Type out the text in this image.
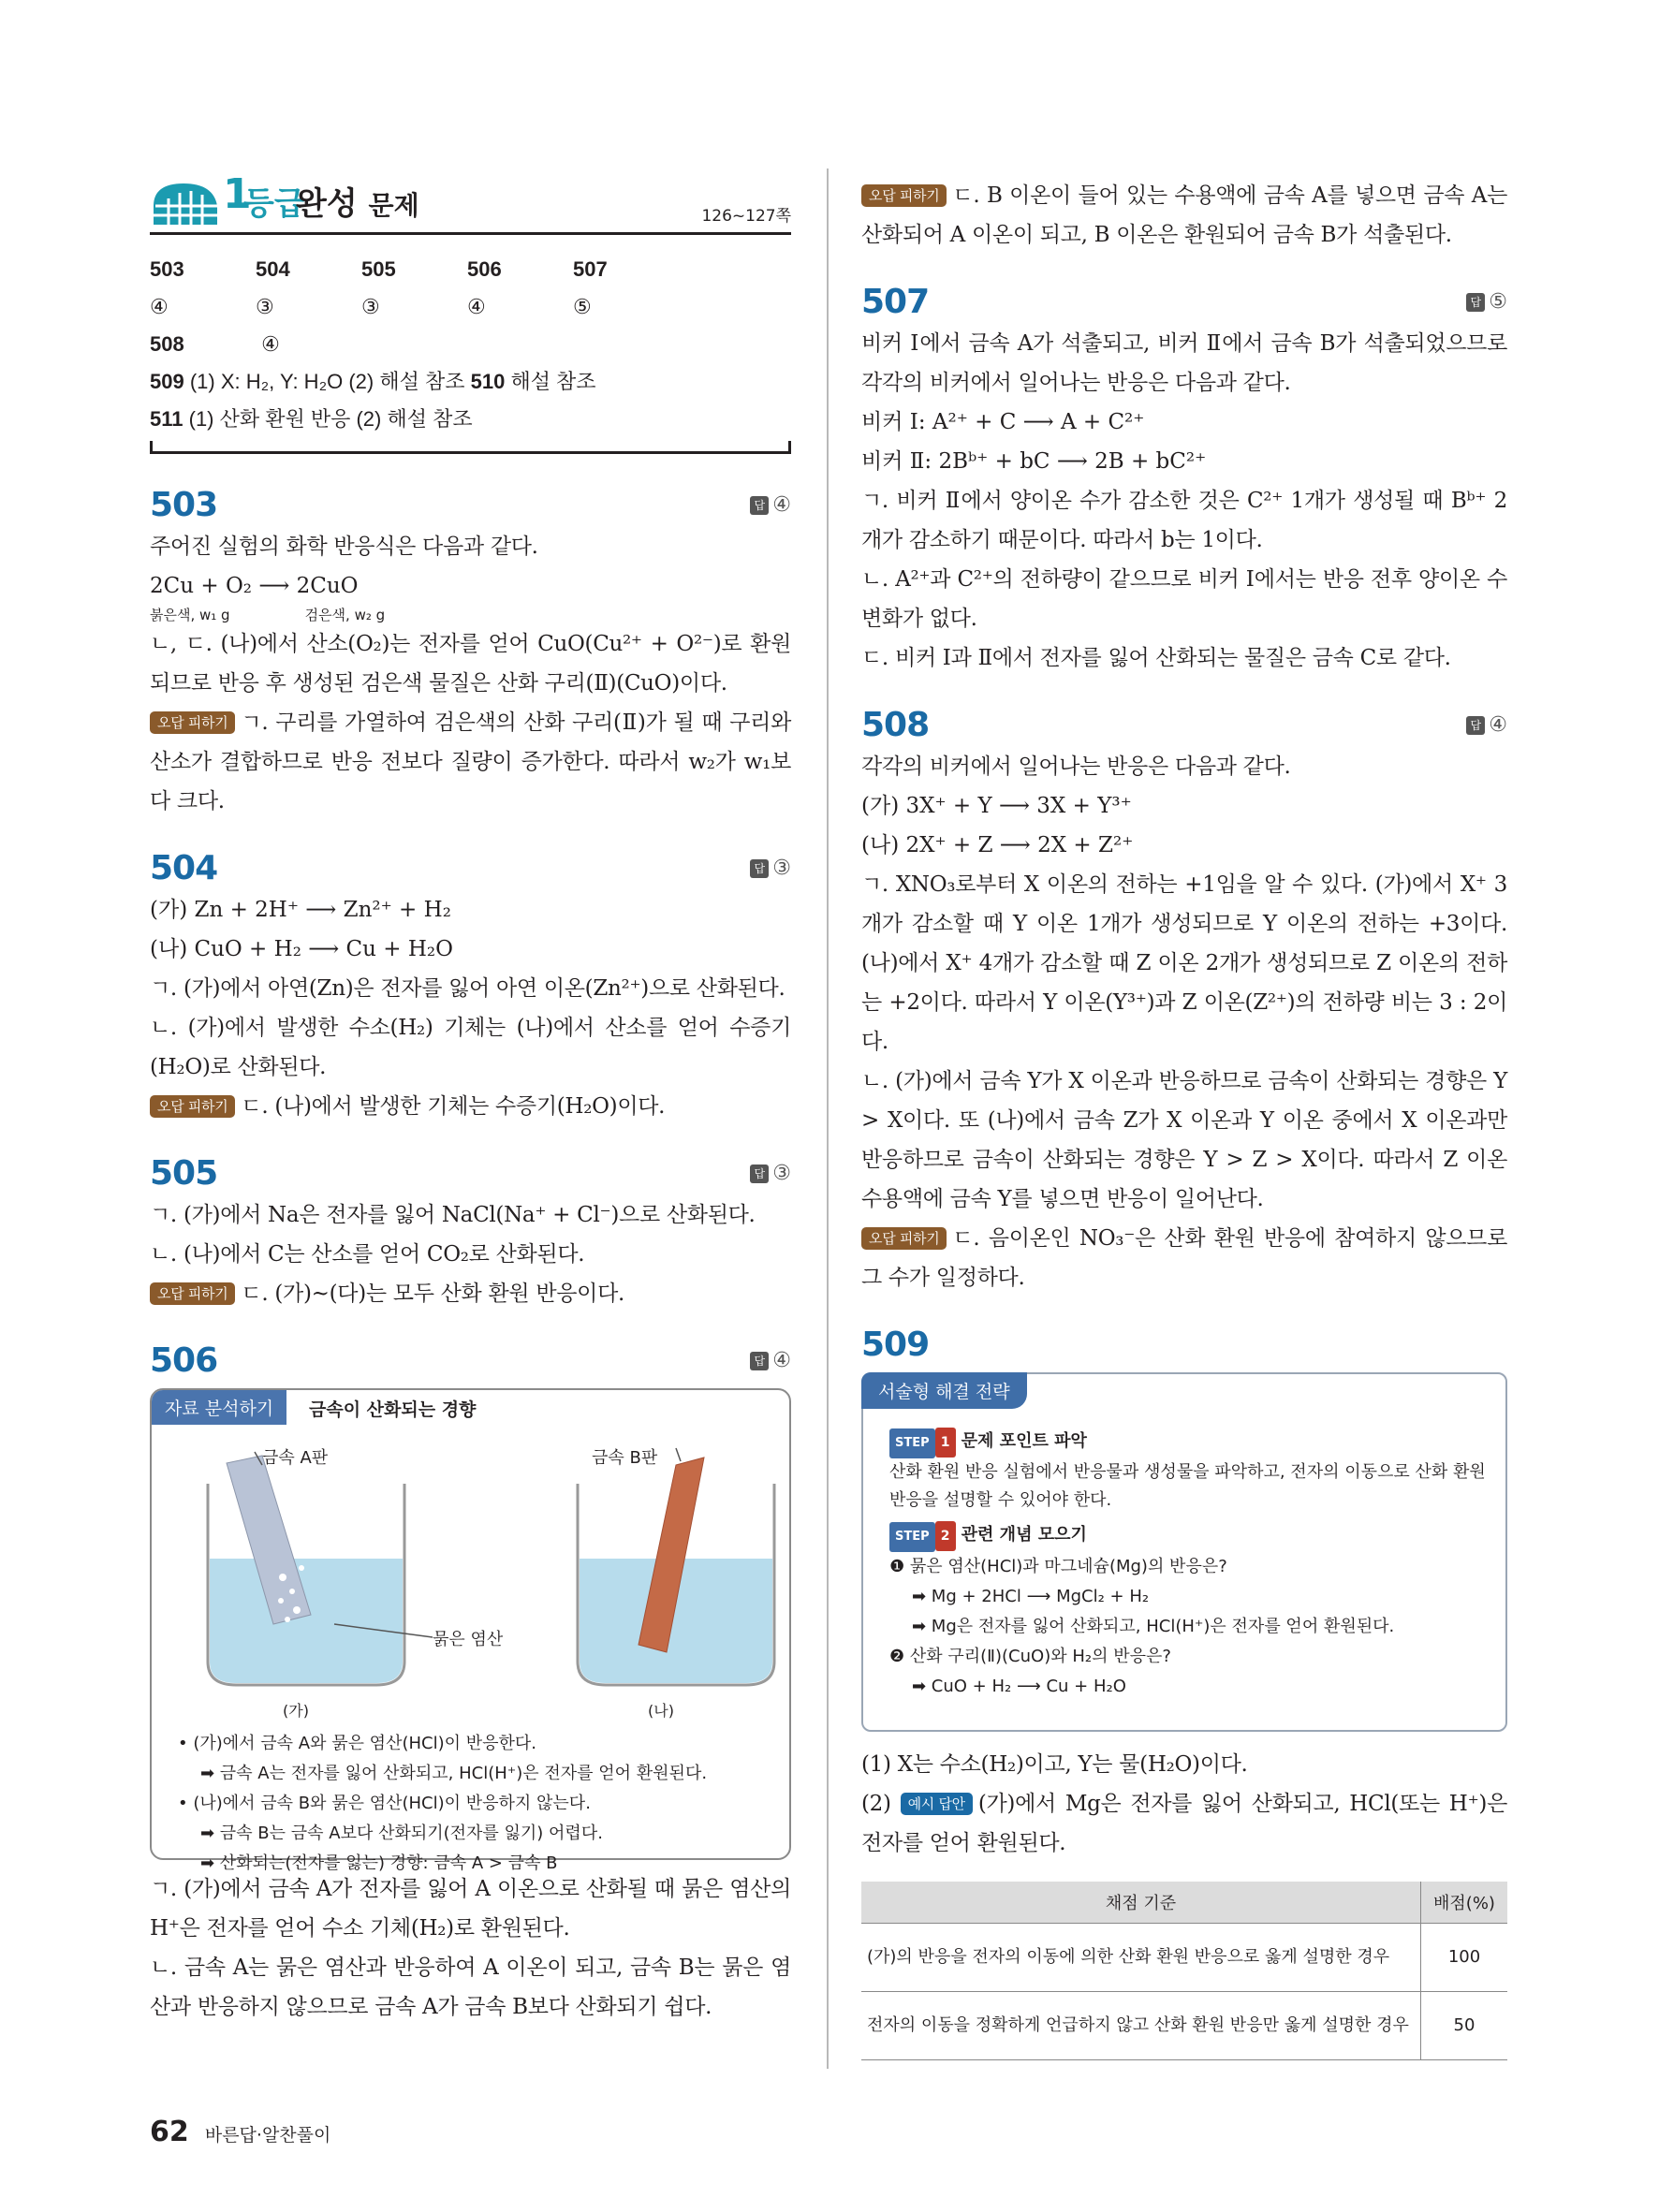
1
등급
완성 문제	126~127쪽
503 ④504 ③505 ③506 ④507 ⑤508	④
509 (1) X: H₂, Y: H₂O (2) 해설 참조 510 해설 참조
511 (1) 산화 환원 반응 (2) 해설 참조
503	답 ④

주어진 실험의 화학 반응식은 다음과 같다.

2Cu + O₂ ⟶ 2CuO

붉은색, w₁ g	검은색, w₂ g

ㄴ, ㄷ. (나)에서 산소(O₂)는 전자를 얻어 CuO(Cu²⁺ + O²⁻)로 환원되므로 반응 후 생성된 검은색 물질은 산화 구리(Ⅱ)(CuO)이다.

오답 피하기 ㄱ. 구리를 가열하여 검은색의 산화 구리(Ⅱ)가 될 때 구리와 산소가 결합하므로 반응 전보다 질량이 증가한다. 따라서 w₂가 w₁보다 크다.

504	답 ③

(가) Zn + 2H⁺ ⟶ Zn²⁺ + H₂

(나) CuO + H₂ ⟶ Cu + H₂O

ㄱ. (가)에서 아연(Zn)은 전자를 잃어 아연 이온(Zn²⁺)으로 산화된다.

ㄴ. (가)에서 발생한 수소(H₂) 기체는 (나)에서 산소를 얻어 수증기(H₂O)로 산화된다.

오답 피하기 ㄷ. (나)에서 발생한 기체는 수증기(H₂O)이다.

505	답 ③

ㄱ. (가)에서 Na은 전자를 잃어 NaCl(Na⁺ + Cl⁻)으로 산화된다.

ㄴ. (나)에서 C는 산소를 얻어 CO₂로 산화된다.

오답 피하기 ㄷ. (가)~(다)는 모두 산화 환원 반응이다.

506	답 ④
자료 분석하기	금속이 산화되는 경향
금속 A판	금속 B판
묽은 염산
(가)	(나)
• (가)에서 금속 A와 묽은 염산(HCl)이 반응한다.
➡ 금속 A는 전자를 잃어 산화되고, HCl(H⁺)은 전자를 얻어 환원된다.
• (나)에서 금속 B와 묽은 염산(HCl)이 반응하지 않는다.
➡ 금속 B는 금속 A보다 산화되기(전자를 잃기) 어렵다.
➡ 산화되는(전자를 잃는) 경향: 금속 A > 금속 B

ㄱ. (가)에서 금속 A가 전자를 잃어 A 이온으로 산화될 때 묽은 염산의 H⁺은 전자를 얻어 수소 기체(H₂)로 환원된다.

ㄴ. 금속 A는 묽은 염산과 반응하여 A 이온이 되고, 금속 B는 묽은 염산과 반응하지 않으므로 금속 A가 금속 B보다 산화되기 쉽다.

오답 피하기 ㄷ. B 이온이 들어 있는 수용액에 금속 A를 넣으면 금속 A는 산화되어 A 이온이 되고, B 이온은 환원되어 금속 B가 석출된다.

507	답 ⑤

비커 Ⅰ에서 금속 A가 석출되고, 비커 Ⅱ에서 금속 B가 석출되었으므로 각각의 비커에서 일어나는 반응은 다음과 같다.

비커 Ⅰ: A²⁺ + C ⟶ A + C²⁺

비커 Ⅱ: 2Bᵇ⁺ + bC ⟶ 2B + bC²⁺

ㄱ. 비커 Ⅱ에서 양이온 수가 감소한 것은 C²⁺ 1개가 생성될 때 Bᵇ⁺ 2개가 감소하기 때문이다. 따라서 b는 1이다.

ㄴ. A²⁺과 C²⁺의 전하량이 같으므로 비커 Ⅰ에서는 반응 전후 양이온 수 변화가 없다.

ㄷ. 비커 Ⅰ과 Ⅱ에서 전자를 잃어 산화되는 물질은 금속 C로 같다.

508	답 ④

각각의 비커에서 일어나는 반응은 다음과 같다.

(가) 3X⁺ + Y ⟶ 3X + Y³⁺

(나) 2X⁺ + Z ⟶ 2X + Z²⁺

ㄱ. XNO₃로부터 X 이온의 전하는 +1임을 알 수 있다. (가)에서 X⁺ 3개가 감소할 때 Y 이온 1개가 생성되므로 Y 이온의 전하는 +3이다. (나)에서 X⁺ 4개가 감소할 때 Z 이온 2개가 생성되므로 Z 이온의 전하는 +2이다. 따라서 Y 이온(Y³⁺)과 Z 이온(Z²⁺)의 전하량 비는 3 : 2이다.

ㄴ. (가)에서 금속 Y가 X 이온과 반응하므로 금속이 산화되는 경향은 Y > X이다. 또 (나)에서 금속 Z가 X 이온과 Y 이온 중에서 X 이온과만 반응하므로 금속이 산화되는 경향은 Y > Z > X이다. 따라서 Z 이온 수용액에 금속 Y를 넣으면 반응이 일어난다.

오답 피하기 ㄷ. 음이온인 NO₃⁻은 산화 환원 반응에 참여하지 않으므로 그 수가 일정하다.

509
서술형 해결 전략
STEP 1 문제 포인트 파악
산화 환원 반응 실험에서 반응물과 생성물을 파악하고, 전자의 이동으로 산화 환원 반응을 설명할 수 있어야 한다.
STEP 2 관련 개념 모으기
❶ 묽은 염산(HCl)과 마그네슘(Mg)의 반응은?
➡ Mg + 2HCl ⟶ MgCl₂ + H₂
➡ Mg은 전자를 잃어 산화되고, HCl(H⁺)은 전자를 얻어 환원된다.
❷ 산화 구리(Ⅱ)(CuO)와 H₂의 반응은?
➡ CuO + H₂ ⟶ Cu + H₂O

(1) X는 수소(H₂)이고, Y는 물(H₂O)이다.

(2) 예시 답안 (가)에서 Mg은 전자를 잃어 산화되고, HCl(또는 H⁺)은 전자를 얻어 환원된다.

채점 기준	배점(%)
(가)의 반응을 전자의 이동에 의한 산화 환원 반응으로 옳게 설명한 경우	100
전자의 이동을 정확하게 언급하지 않고 산화 환원 반응만 옳게 설명한 경우	50
62 바른답·알찬풀이
